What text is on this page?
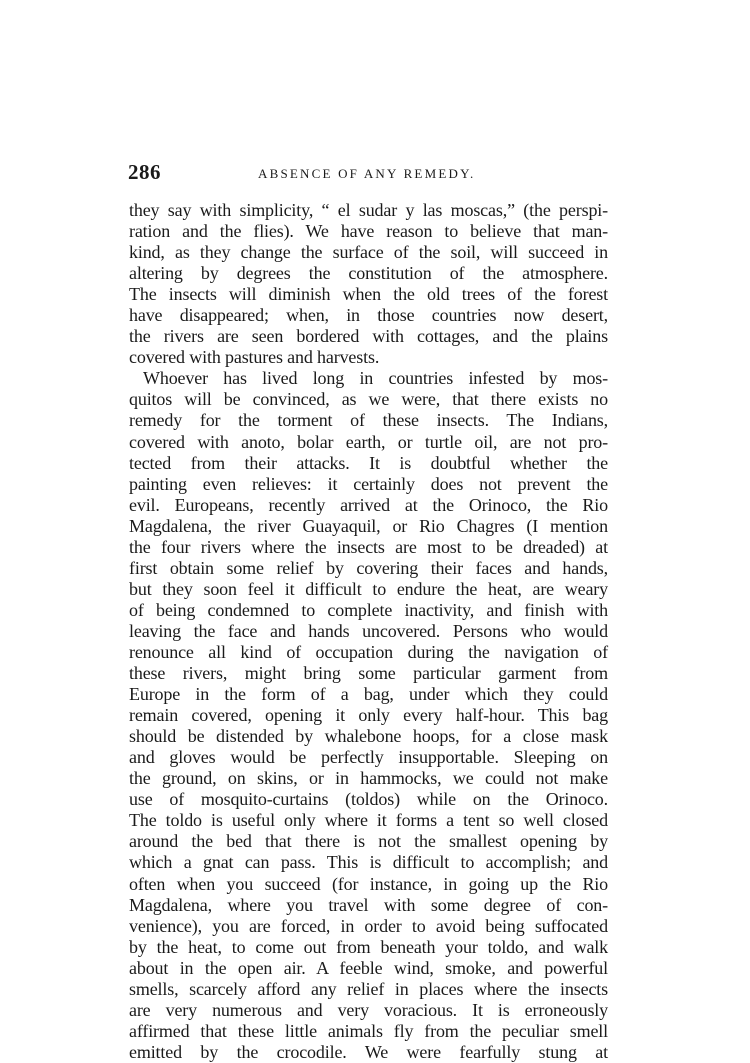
286	ABSENCE OF ANY REMEDY.
they say with simplicity, “ el sudar y las moscas,” (the perspi-
ration and the flies). We have reason to believe that man-
kind, as they change the surface of the soil, will succeed in
altering by degrees the constitution of the atmosphere.
The insects will diminish when the old trees of the forest
have disappeared; when, in those countries now desert,
the rivers are seen bordered with cottages, and the plains
covered with pastures and harvests.
Whoever has lived long in countries infested by mos-
quitos will be convinced, as we were, that there exists no
remedy for the torment of these insects. The Indians,
covered with anoto, bolar earth, or turtle oil, are not pro-
tected from their attacks. It is doubtful whether the
painting even relieves: it certainly does not prevent the
evil. Europeans, recently arrived at the Orinoco, the Rio
Magdalena, the river Guayaquil, or Rio Chagres (I mention
the four rivers where the insects are most to be dreaded) at
first obtain some relief by covering their faces and hands,
but they soon feel it difficult to endure the heat, are weary
of being condemned to complete inactivity, and finish with
leaving the face and hands uncovered. Persons who would
renounce all kind of occupation during the navigation of
these rivers, might bring some particular garment from
Europe in the form of a bag, under which they could
remain covered, opening it only every half-hour. This bag
should be distended by whalebone hoops, for a close mask
and gloves would be perfectly insupportable. Sleeping on
the ground, on skins, or in hammocks, we could not make
use of mosquito-curtains (toldos) while on the Orinoco.
The toldo is useful only where it forms a tent so well closed
around the bed that there is not the smallest opening by
which a gnat can pass. This is difficult to accomplish; and
often when you succeed (for instance, in going up the Rio
Magdalena, where you travel with some degree of con-
venience), you are forced, in order to avoid being suffocated
by the heat, to come out from beneath your toldo, and walk
about in the open air. A feeble wind, smoke, and powerful
smells, scarcely afford any relief in places where the insects
are very numerous and very voracious. It is erroneously
affirmed that these little animals fly from the peculiar smell
emitted by the crocodile. We were fearfully stung at
